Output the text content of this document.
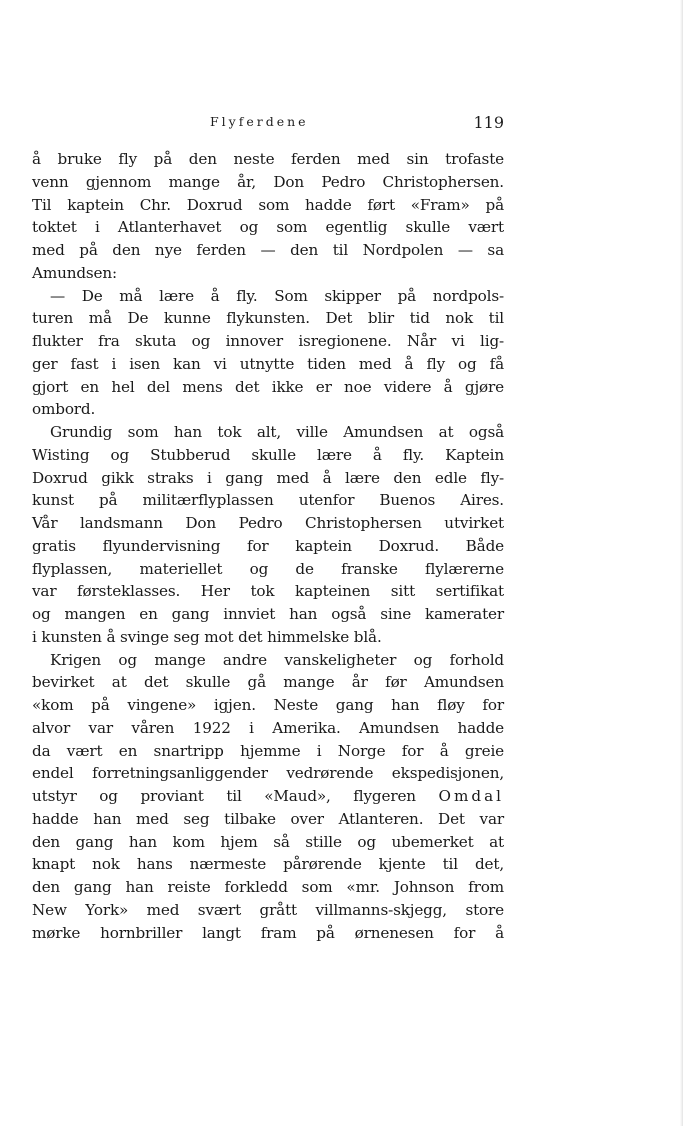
Flyferdene	119
å bruke fly på den neste ferden med sin trofaste
venn gjennom mange år, Don Pedro Christophersen.
Til kaptein Chr. Doxrud som hadde ført «Fram» på
toktet i Atlanterhavet og som egentlig skulle vært
med på den nye ferden — den til Nordpolen — sa
Amundsen:
— De må lære å fly. Som skipper på nordpols-
turen må De kunne flykunsten. Det blir tid nok til
flukter fra skuta og innover isregionene. Når vi lig-
ger fast i isen kan vi utnytte tiden med å fly og få
gjort en hel del mens det ikke er noe videre å gjøre
ombord.
Grundig som han tok alt, ville Amundsen at også
Wisting og Stubberud skulle lære å fly. Kaptein
Doxrud gikk straks i gang med å lære den edle fly-
kunst på militærflyplassen utenfor Buenos Aires.
Vår landsmann Don Pedro Christophersen utvirket
gratis flyundervisning for kaptein Doxrud. Både
flyplassen, materiellet og de franske flylærerne
var førsteklasses. Her tok kapteinen sitt sertifikat
og mangen en gang innviet han også sine kamerater
i kunsten å svinge seg mot det himmelske blå.
Krigen og mange andre vanskeligheter og forhold
bevirket at det skulle gå mange år før Amundsen
«kom på vingene» igjen. Neste gang han fløy for
alvor var våren 1922 i Amerika. Amundsen hadde
da vært en snartripp hjemme i Norge for å greie
endel forretningsanliggender vedrørende ekspedisjonen,
utstyr og proviant til «Maud», flygeren Omdal
hadde han med seg tilbake over Atlanteren. Det var
den gang han kom hjem så stille og ubemerket at
knapt nok hans nærmeste pårørende kjente til det,
den gang han reiste forkledd som «mr. Johnson from
New York» med svært grått villmanns-skjegg, store
mørke hornbriller langt fram på ørnenesen for å
